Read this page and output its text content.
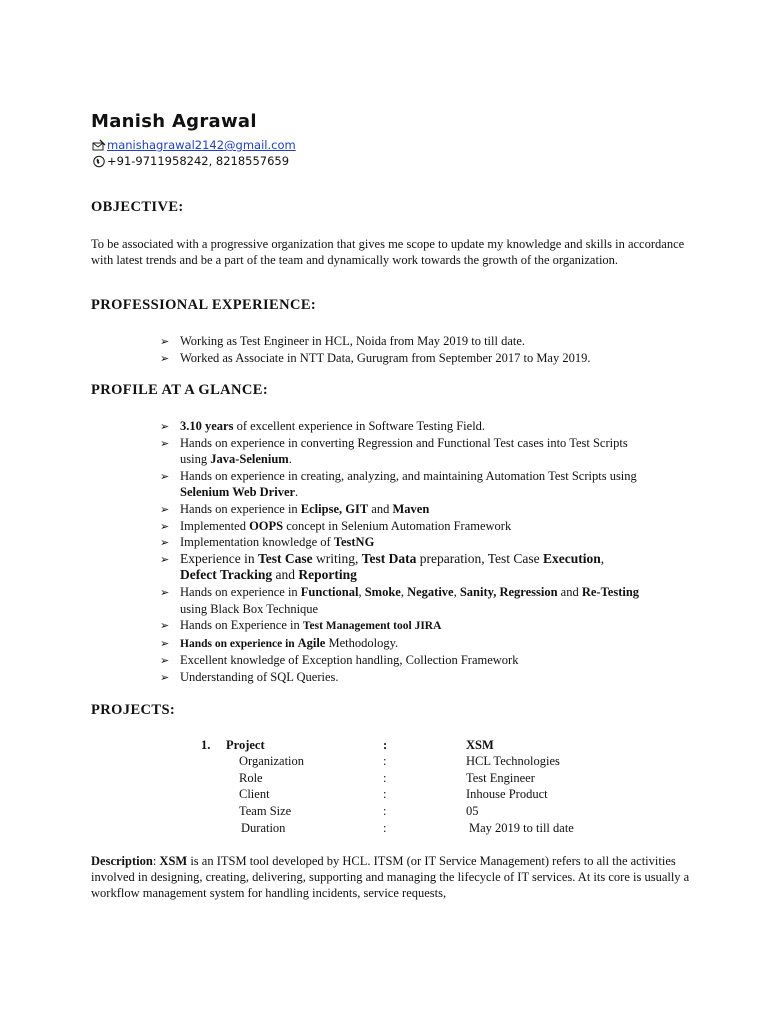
Manish Agrawal
manishagrawal2142@gmail.com
+91-9711958242, 8218557659
OBJECTIVE:
To be associated with a progressive organization that gives me scope to update my knowledge and skills in accordance with latest trends and be a part of the team and dynamically work towards the growth of the organization.
PROFESSIONAL EXPERIENCE:
➢ Working as Test Engineer in HCL, Noida from May 2019 to till date.
➢ Worked as Associate in NTT Data, Gurugram from September 2017 to May 2019.
PROFILE AT A GLANCE:
➢ 3.10 years of excellent experience in Software Testing Field.
➢ Hands on experience in converting Regression and Functional Test cases into Test Scripts using Java-Selenium.
➢ Hands on experience in creating, analyzing, and maintaining Automation Test Scripts using Selenium Web Driver.
➢ Hands on experience in Eclipse, GIT and Maven
➢ Implemented OOPS concept in Selenium Automation Framework
➢ Implementation knowledge of TestNG
➢ Experience in Test Case writing, Test Data preparation, Test Case Execution, Defect Tracking and Reporting
➢ Hands on experience in Functional, Smoke, Negative, Sanity, Regression and Re-Testing using Black Box Technique
➢ Hands on Experience in Test Management tool JIRA
➢ Hands on experience in Agile Methodology.
➢ Excellent knowledge of Exception handling, Collection Framework
➢ Understanding of SQL Queries.
PROJECTS:
1. Project	:	XSM
Organization	:	HCL Technologies
Role	:	Test Engineer
Client	:	Inhouse Product
Team Size	:	05
Duration	:	May 2019 to till date
Description: XSM is an ITSM tool developed by HCL. ITSM (or IT Service Management) refers to all the activities involved in designing, creating, delivering, supporting and managing the lifecycle of IT services. At its core is usually a workflow management system for handling incidents, service requests,
